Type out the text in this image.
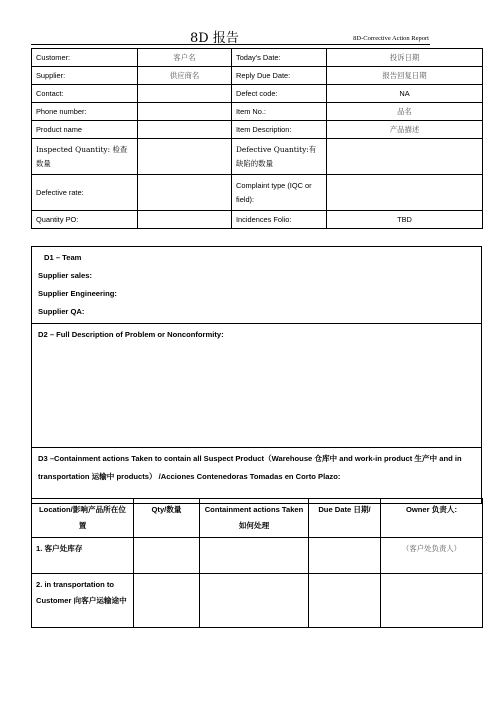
8D 报告	8D-Corrective Action Report
Customer:	客户名	Today's Date:	投诉日期
Supplier:	供应商名	Reply Due Date:	报告回复日期
Contact:		Defect code:	NA
Phone number:		Item No.:	品名
Product name		Item Description:	产品描述
Inspected Quantity: 检查数量		Defective Quantity:有缺陷的数量	
Defective rate:		Complaint type (IQC or field):	
Quantity PO:		Incidences Folio:	TBD
D1 – Team
Supplier sales:
Supplier Engineering:
Supplier QA:

D2 – Full Description of Problem or Nonconformity:

D3 –Containment actions Taken to contain all Suspect Product（Warehouse 仓库中 and work-in product 生产中 and in transportation 运输中 products） /Acciones Contenedoras Tomadas en Corto Plazo:
Location/影响产品所在位置	Qty/数量	Containment actions Taken 如何处理	Due Date 日期/	Owner 负责人:
1. 客户处库存				（客户处负责人）
2. in transportation to Customer 向客户运输途中				
